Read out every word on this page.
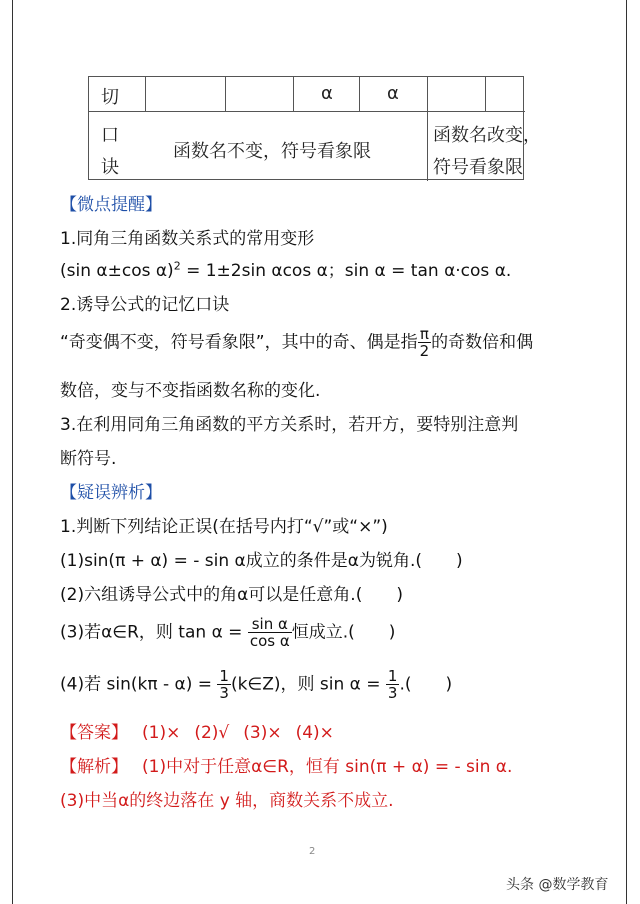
切	α	α
口
诀
函数名不变，符号看象限
函数名改变，
符号看象限
【微点提醒】
1.同角三角函数关系式的常用变形
(sin α±cos α)$^2$ = 1±2sin αcos α；sin α = tan α·cos α.
2.诱导公式的记忆口诀
“奇变偶不变，符号看象限”，其中的奇、偶是指 $\frac{\pi}{2}$ 的奇数倍和偶
数倍，变与不变指函数名称的变化.
3.在利用同角三角函数的平方关系时，若开方，要特别注意判
断符号.
【疑误辨析】
1.判断下列结论正误(在括号内打“√”或“×”)
(1)sin(π + α) = - sin α成立的条件是α为锐角.(　　)
(2)六组诱导公式中的角α可以是任意角.(　　)
(3)若α∈R，则 $\tan \alpha = \frac{\text{sin α}}{\text{cos α}}$ 恒成立.(　　)
(4)若 $\sin(k\pi - \alpha) = \frac{1}{3}$ (k∈Z)，则 $\sin \alpha = \frac{1}{3}$ .(　　)
【答案】 (1)× (2)√ (3)× (4)×
【解析】 (1)中对于任意α∈R，恒有 sin(π + α) = - sin α.
(3)中当α的终边落在 y 轴，商数关系不成立.
2
头条 @数学教育
